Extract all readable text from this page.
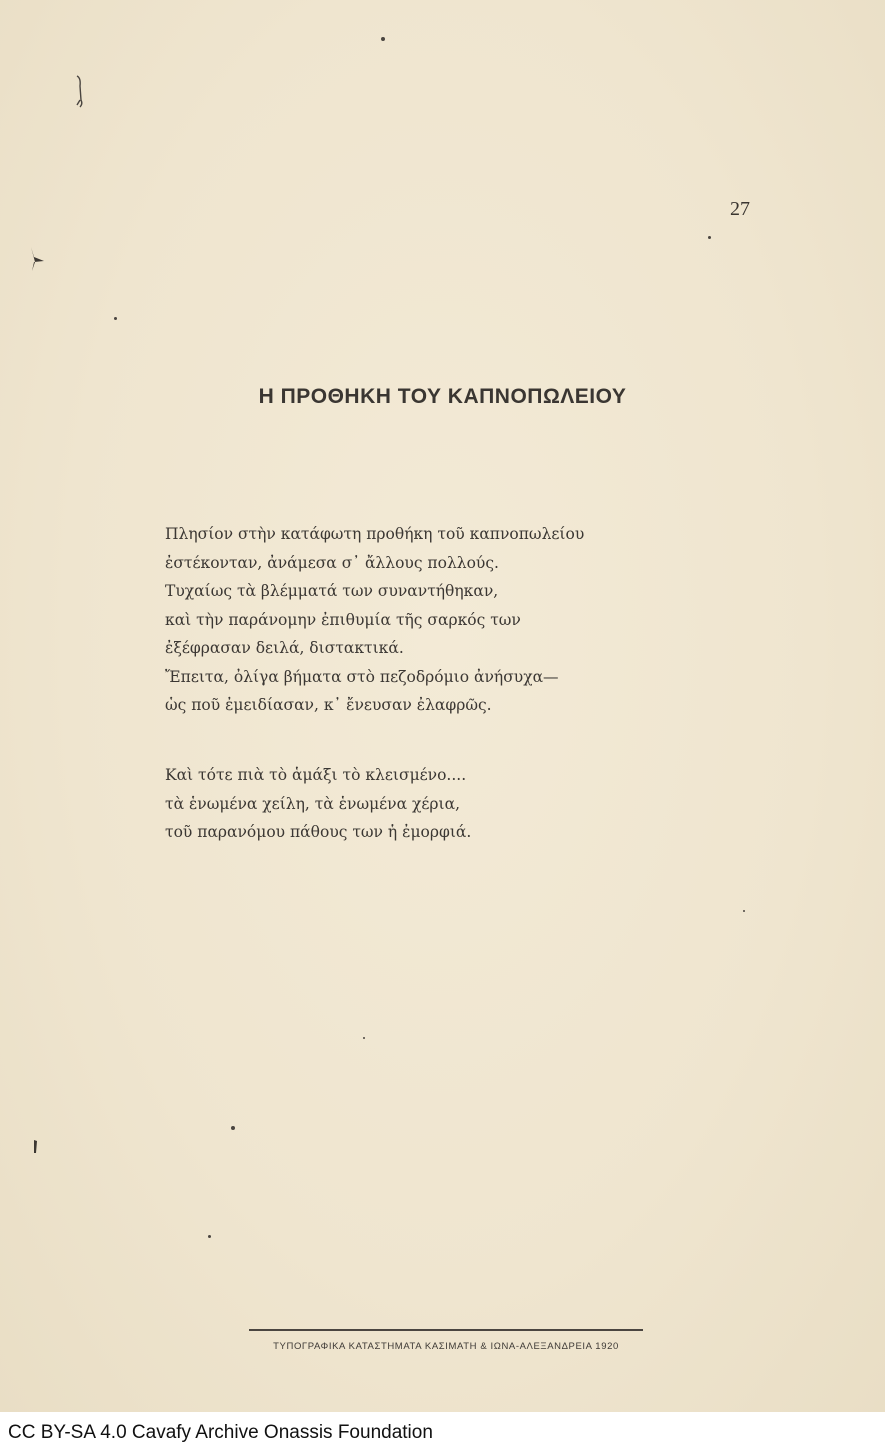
27
Η ΠΡΟΘΗΚΗ ΤΟΥ ΚΑΠΝΟΠΩΛΕΙΟΥ
Πλησίον στὴν κατάφωτη προθήκη τοῦ καπνοπωλείου
ἐστέκονταν, ἀνάμεσα σ᾽ ἄλλους πολλούς.
Τυχαίως τὰ βλέμματά των συναντήθηκαν,
καὶ τὴν παράνομην ἐπιθυμία τῆς σαρκός των
ἐξέφρασαν δειλά, διστακτικά.
Ἔπειτα, ὀλίγα βήματα στὸ πεζοδρόμιο ἀνήσυχα—
ὡς ποῦ ἐμειδίασαν, κ᾽ ἔνευσαν ἐλαφρῶς.
Καὶ τότε πιὰ τὸ ἁμάξι τὸ κλεισμένο....
τὰ ἑνωμένα χείλη, τὰ ἑνωμένα χέρια,
τοῦ παρανόμου πάθους των ἡ ἐμορφιά.
ΤΥΠΟΓΡΑΦΙΚΑ ΚΑΤΑΣΤΗΜΑΤΑ ΚΑΣΙΜΑΤΗ & ΙΩΝΑ-ΑΛΕΞΑΝΔΡΕΙΑ 1920
CC BY-SA 4.0 Cavafy Archive Onassis Foundation
